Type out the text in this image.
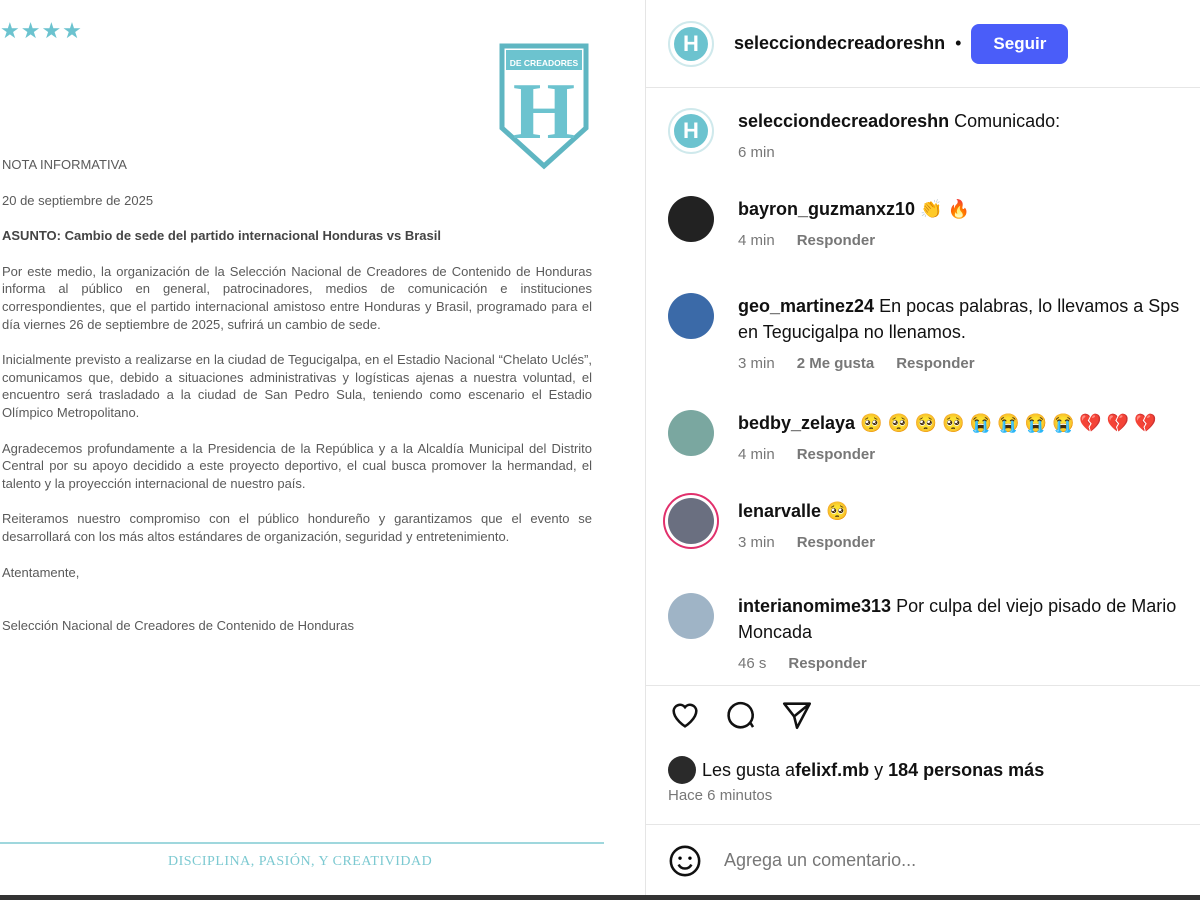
★★★★
DE CREADORES
H

NOTA INFORMATIVA

20 de septiembre de 2025

ASUNTO: Cambio de sede del partido internacional Honduras vs Brasil

Por este medio, la organización de la Selección Nacional de Creadores de Contenido de Honduras informa al público en general, patrocinadores, medios de comunicación e instituciones correspondientes, que el partido internacional amistoso entre Honduras y Brasil, programado para el día viernes 26 de septiembre de 2025, sufrirá un cambio de sede.

Inicialmente previsto a realizarse en la ciudad de Tegucigalpa, en el Estadio Nacional “Chelato Uclés”, comunicamos que, debido a situaciones administrativas y logísticas ajenas a nuestra voluntad, el encuentro será trasladado a la ciudad de San Pedro Sula, teniendo como escenario el Estadio Olímpico Metropolitano.

Agradecemos profundamente a la Presidencia de la República y a la Alcaldía Municipal del Distrito Central por su apoyo decidido a este proyecto deportivo, el cual busca promover la hermandad, el talento y la proyección internacional de nuestro país.

Reiteramos nuestro compromiso con el público hondureño y garantizamos que el evento se desarrollará con los más altos estándares de organización, seguridad y entretenimiento.

Atentamente,

Selección Nacional de Creadores de Contenido de Honduras

DISCIPLINA, PASIÓN, Y CREATIVIDAD
H	selecciondecreadoreshn •	Seguir
H	selecciondecreadoreshn Comunicado:
6 min
bayron_guzmanxz10 👏 🔥
4 min Responder
geo_martinez24 En pocas palabras, lo llevamos a Sps
en Tegucigalpa no llenamos.
3 min 2 Me gusta Responder
bedby_zelaya 🥺 🥺 🥺 🥺 😭 😭 😭 😭 💔 💔 💔
4 min Responder
lenarvalle 🥺
3 min Responder
interianomime313 Por culpa del viejo pisado de Mario
Moncada
46 s Responder
Les gusta a felixf.mb y 184 personas más
Hace 6 minutos
Agrega un comentario...
